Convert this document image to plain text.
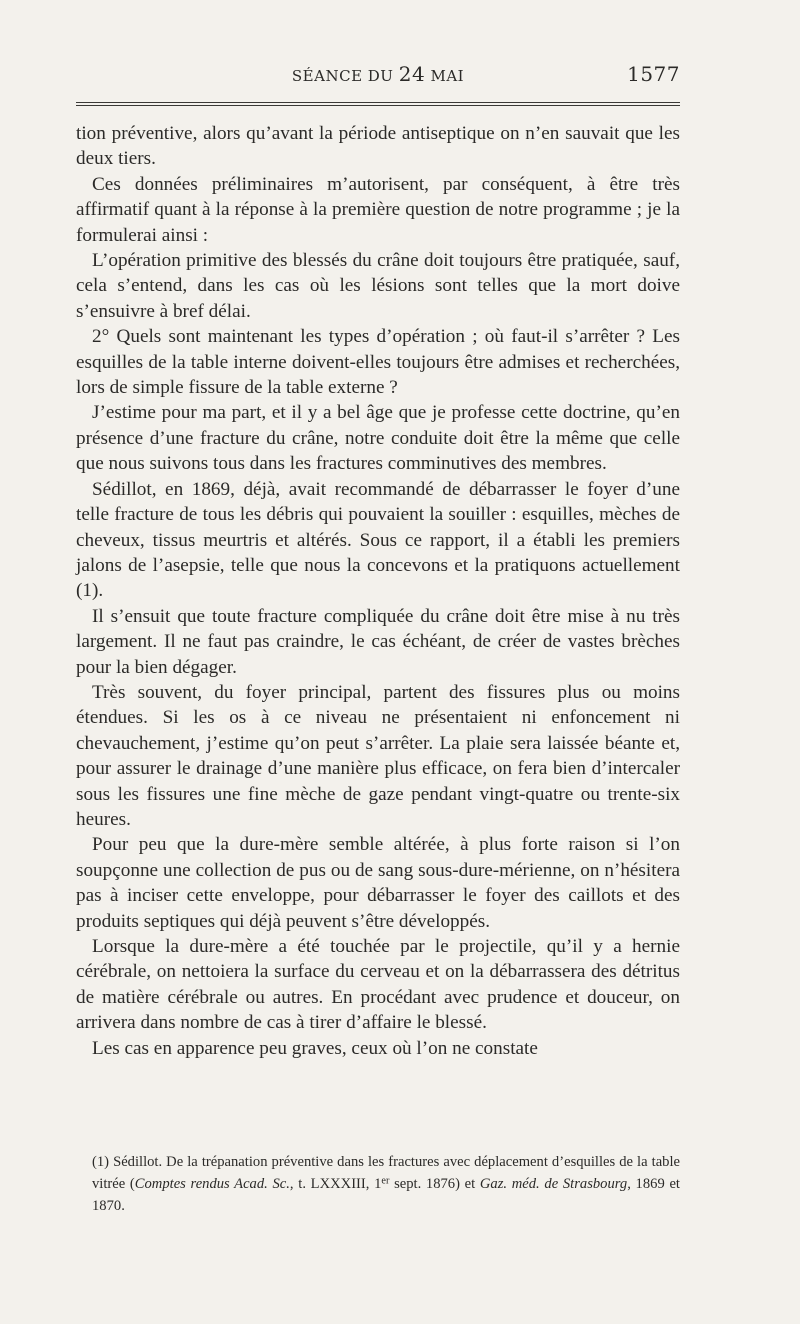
SÉANCE DU 24 MAI	1577

tion préventive, alors qu’avant la période antiseptique on n’en sauvait que les deux tiers.

Ces données préliminaires m’autorisent, par conséquent, à être très affirmatif quant à la réponse à la première question de notre programme ; je la formulerai ainsi :

L’opération primitive des blessés du crâne doit toujours être pratiquée, sauf, cela s’entend, dans les cas où les lésions sont telles que la mort doive s’ensuivre à bref délai.

2° Quels sont maintenant les types d’opération ; où faut-il s’arrêter ? Les esquilles de la table interne doivent-elles toujours être admises et recherchées, lors de simple fissure de la table externe ?

J’estime pour ma part, et il y a bel âge que je professe cette doctrine, qu’en présence d’une fracture du crâne, notre conduite doit être la même que celle que nous suivons tous dans les fractures comminutives des membres.

Sédillot, en 1869, déjà, avait recommandé de débarrasser le foyer d’une telle fracture de tous les débris qui pouvaient la souiller : esquilles, mèches de cheveux, tissus meurtris et altérés. Sous ce rapport, il a établi les premiers jalons de l’asepsie, telle que nous la concevons et la pratiquons actuellement (1).

Il s’ensuit que toute fracture compliquée du crâne doit être mise à nu très largement. Il ne faut pas craindre, le cas échéant, de créer de vastes brèches pour la bien dégager.

Très souvent, du foyer principal, partent des fissures plus ou moins étendues. Si les os à ce niveau ne présentaient ni enfoncement ni chevauchement, j’estime qu’on peut s’arrêter. La plaie sera laissée béante et, pour assurer le drainage d’une manière plus efficace, on fera bien d’intercaler sous les fissures une fine mèche de gaze pendant vingt-quatre ou trente-six heures.

Pour peu que la dure-mère semble altérée, à plus forte raison si l’on soupçonne une collection de pus ou de sang sous-dure-mérienne, on n’hésitera pas à inciser cette enveloppe, pour débarrasser le foyer des caillots et des produits septiques qui déjà peuvent s’être développés.

Lorsque la dure-mère a été touchée par le projectile, qu’il y a hernie cérébrale, on nettoiera la surface du cerveau et on la débarrassera des détritus de matière cérébrale ou autres. En procédant avec prudence et douceur, on arrivera dans nombre de cas à tirer d’affaire le blessé.

Les cas en apparence peu graves, ceux où l’on ne constate

(1) Sédillot. De la trépanation préventive dans les fractures avec déplacement d’esquilles de la table vitrée (Comptes rendus Acad. Sc., t. LXXXIII, 1er sept. 1876) et Gaz. méd. de Strasbourg, 1869 et 1870.
